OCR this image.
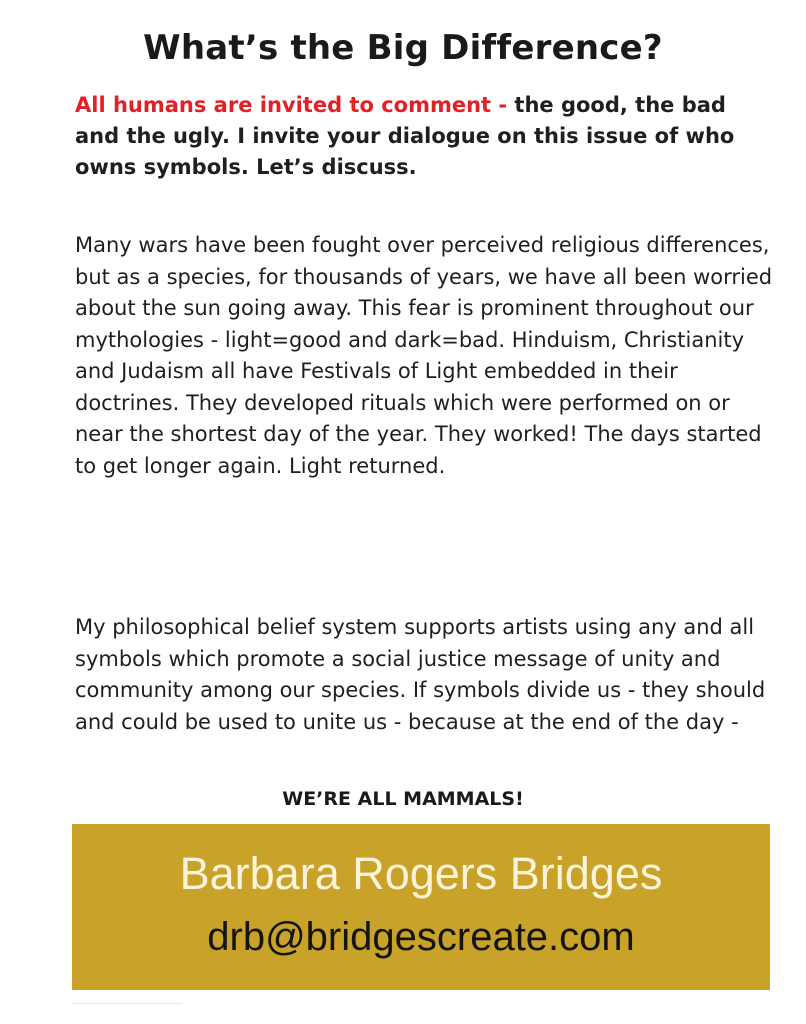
What’s the Big Difference?
All humans are invited to comment - the good, the bad and the ugly. I invite your dialogue on this issue of who owns symbols. Let’s discuss.
Many wars have been fought over perceived religious differences, but as a species, for thousands of years, we have all been worried about the sun going away. This fear is prominent throughout our mythologies - light=good and dark=bad. Hinduism, Christianity and Judaism all have Festivals of Light embedded in their doctrines. They developed rituals which were performed on or near the shortest day of the year. They worked! The days started to get longer again. Light returned.
My philosophical belief system supports artists using any and all symbols which promote a social justice message of unity and community among our species. If symbols divide us - they should and could be used to unite us - because at the end of the day -
WE’RE ALL MAMMALS!
Barbara Rogers Bridges
drb@bridgescreate.com
